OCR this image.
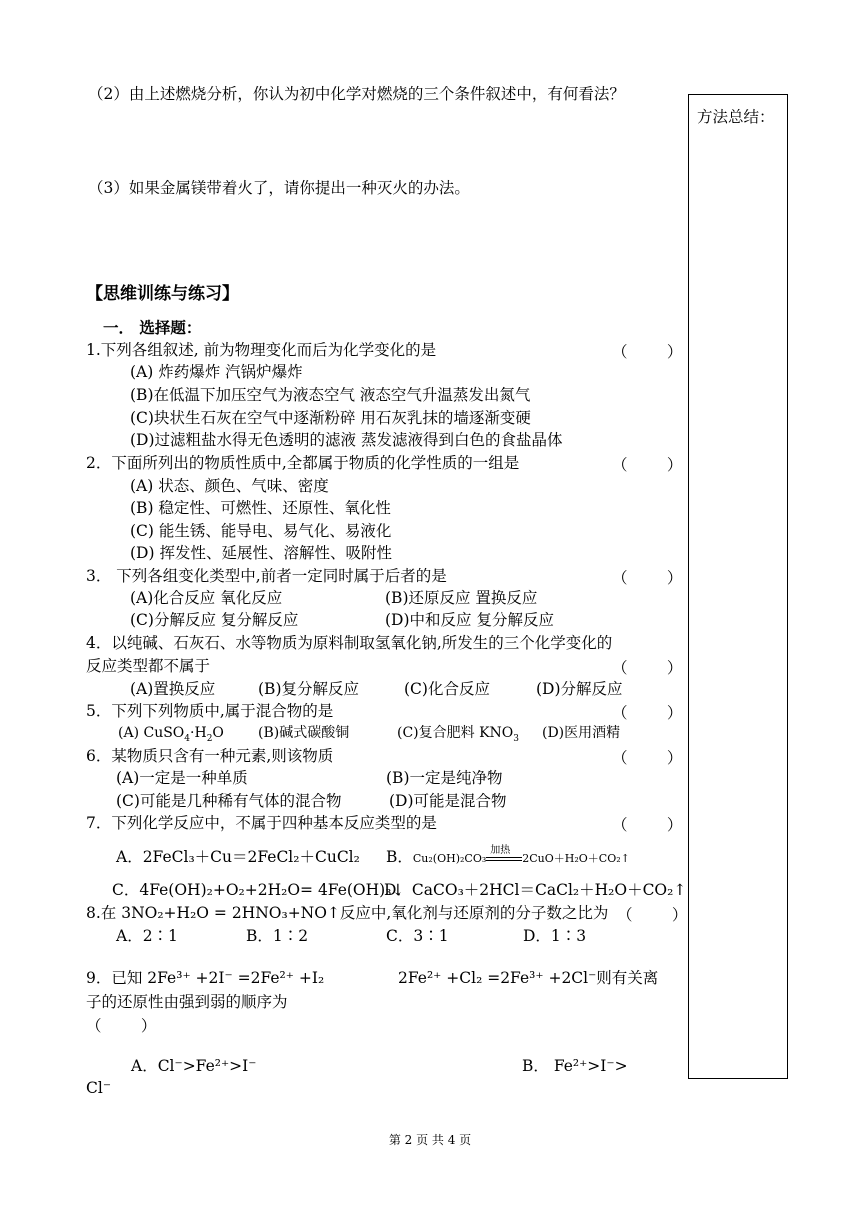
方法总结：
（2）由上述燃烧分析，你认为初中化学对燃烧的三个条件叙述中，有何看法？
（3）如果金属镁带着火了，请你提出一种灭火的办法。
【思维训练与练习】
一． 选择题：
1.下列各组叙述, 前为物理变化而后为化学变化的是	（        ）
(A) 炸药爆炸 汽锅炉爆炸
(B)在低温下加压空气为液态空气 液态空气升温蒸发出氮气
(C)块状生石灰在空气中逐渐粉碎 用石灰乳抹的墙逐渐变硬
(D)过滤粗盐水得无色透明的滤液 蒸发滤液得到白色的食盐晶体
2．下面所列出的物质性质中,全都属于物质的化学性质的一组是	（        ）
(A) 状态、颜色、气味、密度
(B) 稳定性、可燃性、还原性、氧化性
(C) 能生锈、能导电、易气化、易液化
(D) 挥发性、延展性、溶解性、吸附性
3． 下列各组变化类型中,前者一定同时属于后者的是	（        ）
(A)化合反应 氧化反应	(B)还原反应 置换反应
(C)分解反应 复分解反应	(D)中和反应 复分解反应
4．以纯碱、石灰石、水等物质为原料制取氢氧化钠,所发生的三个化学变化的
反应类型都不属于	（        ）
(A)置换反应	(B)复分解反应	(C)化合反应	(D)分解反应
5．下列下列物质中,属于混合物的是	（        ）
(A) $CuSO_4\cdot H_2O$ (B)碱式碳酸铜	(C)复合肥料 $KNO_3$ (D)医用酒精
6．某物质只含有一种元素,则该物质	（        ）
(A)一定是一种单质	(B)一定是纯净物
(C)可能是几种稀有气体的混合物	(D)可能是混合物
7．下列化学反应中，不属于四种基本反应类型的是	（        ）
A．2FeCl₃＋Cu＝2FeCl₂＋CuCl₂ B．Cu₂(OH)₂CO₃
加热
2CuO＋H₂O＋CO₂↑
C．4Fe(OH)₂+O₂+2H₂O= 4Fe(OH)₃↓
D．CaCO₃＋2HCl＝CaCl₂＋H₂O＋CO₂↑
8.在 3NO₂+H₂O = 2HNO₃+NO↑反应中,氧化剂与还原剂的分子数之比为 （        ）
A．2∶1	B．1∶2	C．3∶1	D．1∶3
9．已知 2Fe³⁺ +2I⁻ =2Fe²⁺ +I₂	2Fe²⁺ +Cl₂ =2Fe³⁺ +2Cl⁻则有关离
子的还原性由强到弱的顺序为
（        ）
A．Cl⁻>Fe²⁺>I⁻	B． Fe²⁺>I⁻>
Cl⁻
第 2 页 共 4 页
